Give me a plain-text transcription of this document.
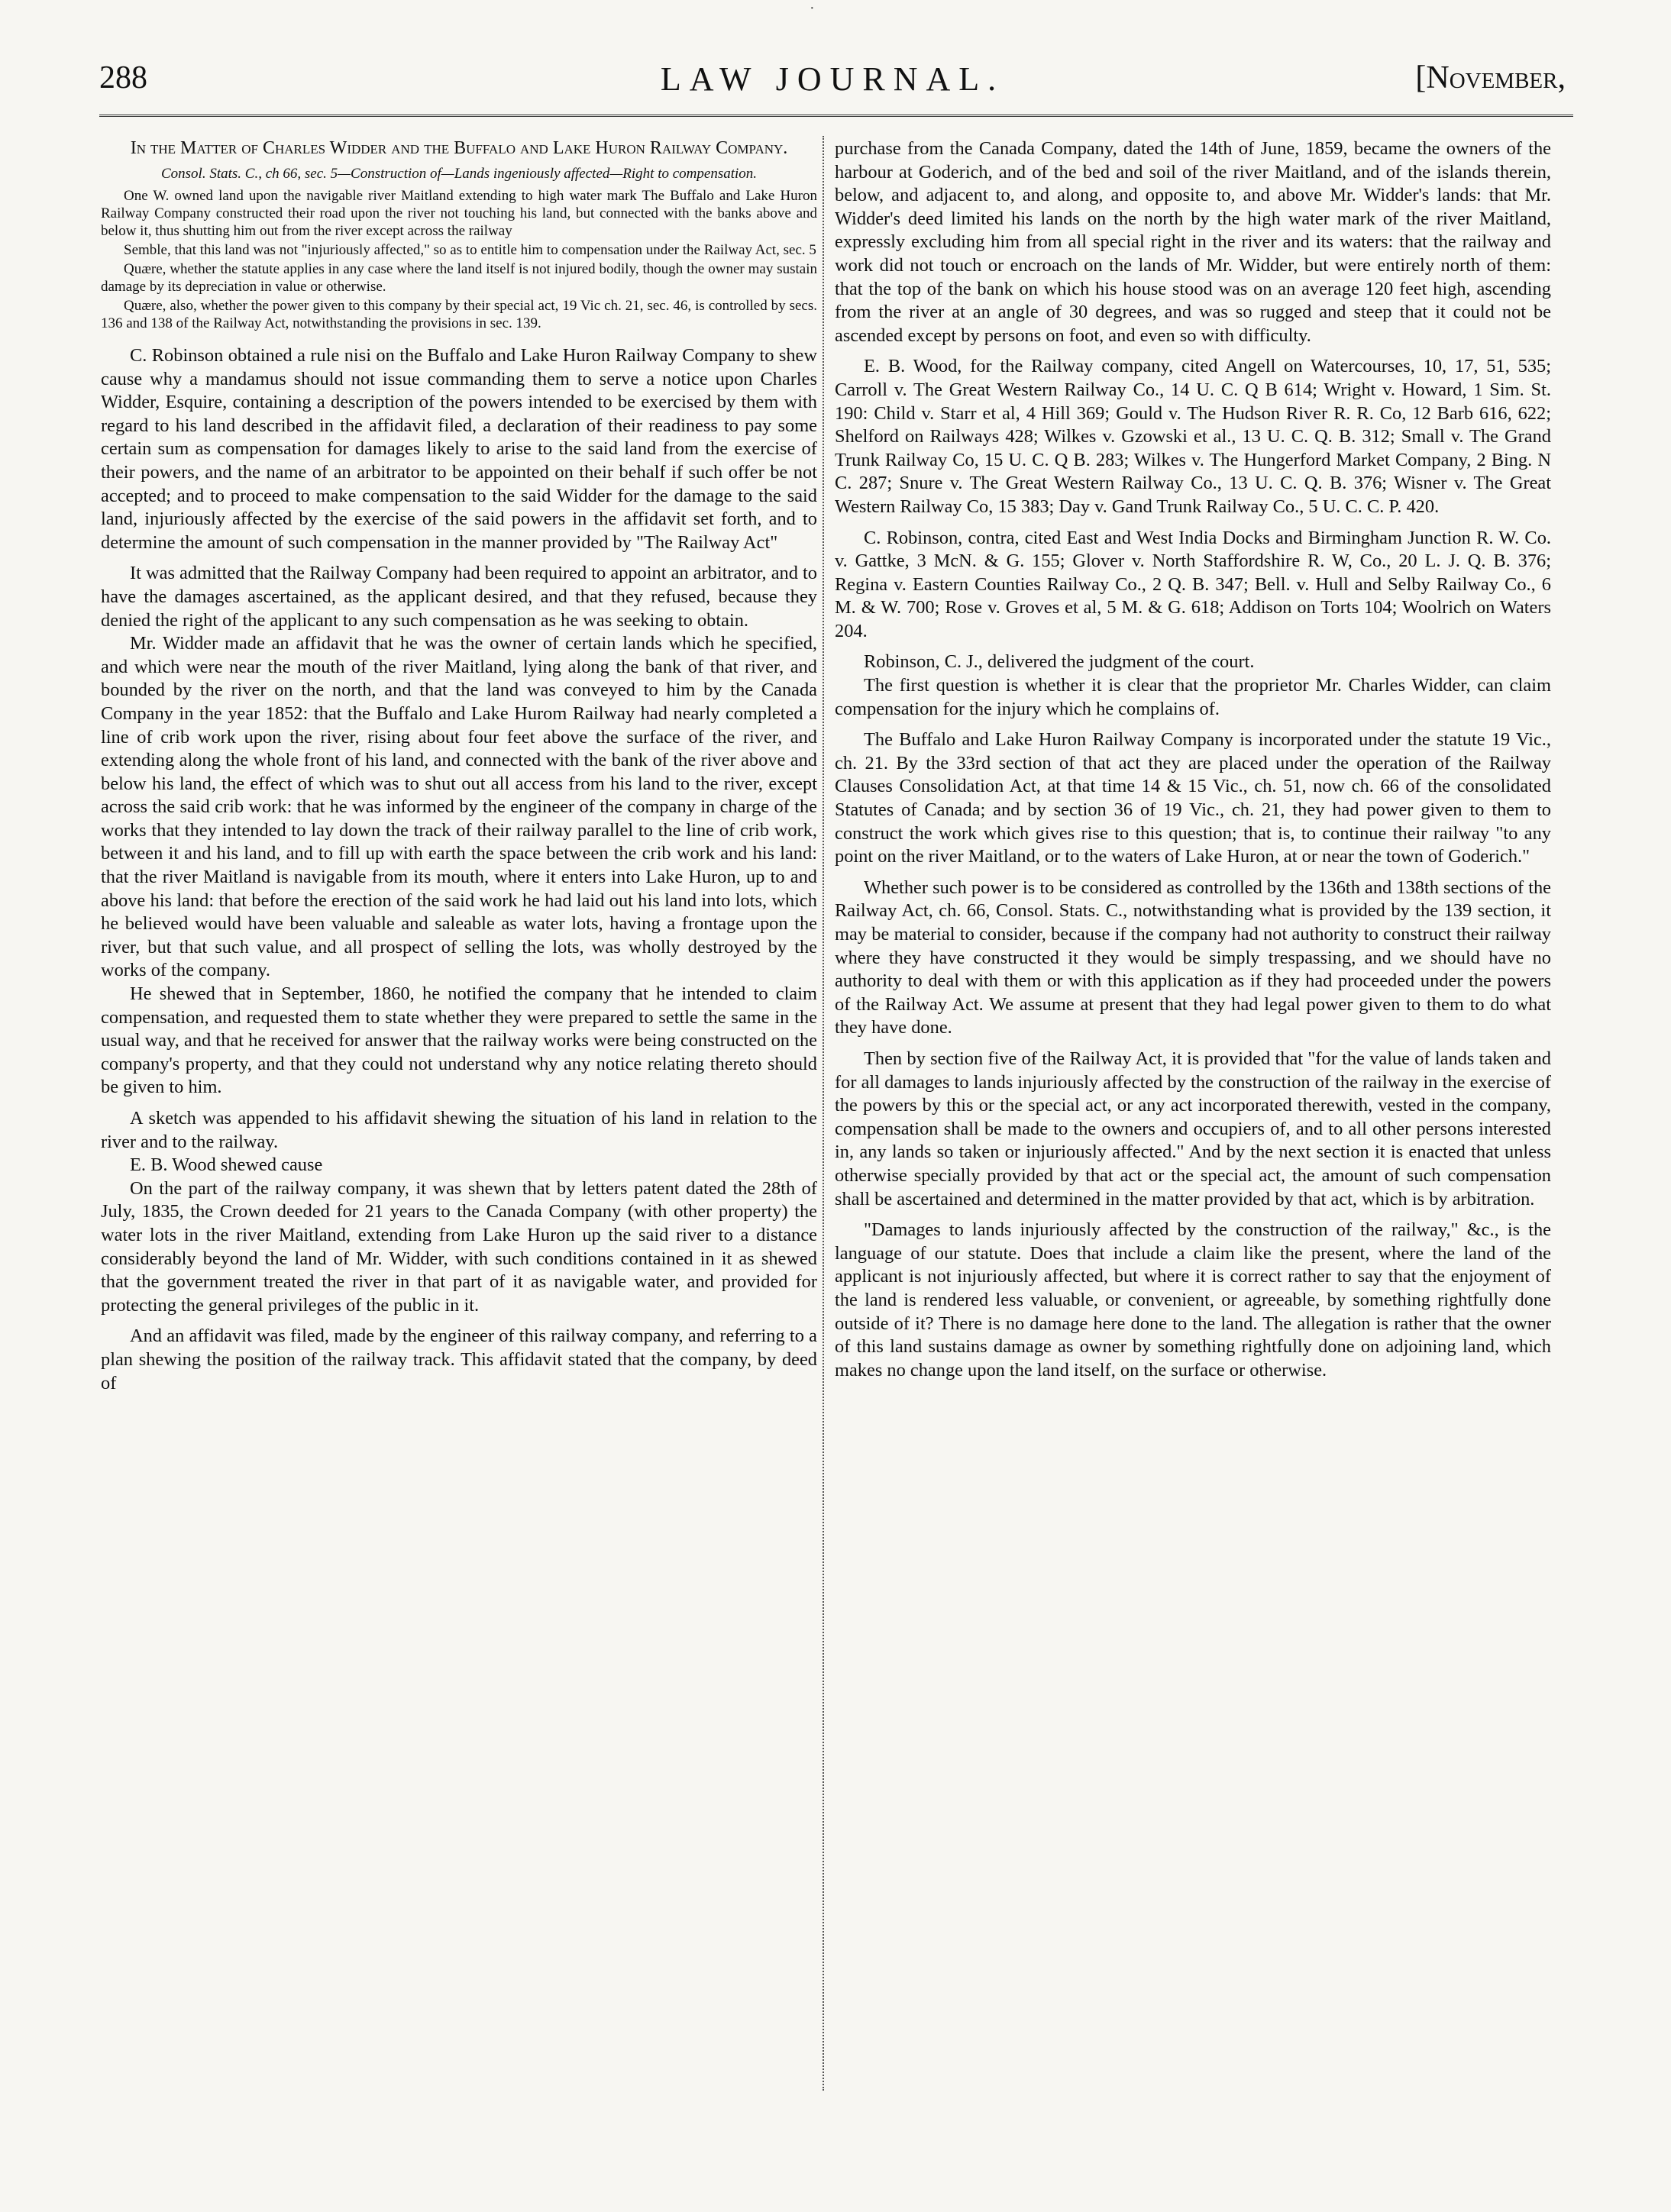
·
288	LAW JOURNAL.	[November,

In the Matter of Charles Widder and the Buffalo and Lake Huron Railway Company.

Consol. Stats. C., ch 66, sec. 5—Construction of—Lands ingeniously affected—Right to compensation.

One W. owned land upon the navigable river Maitland extending to high water mark The Buffalo and Lake Huron Railway Company constructed their road upon the river not touching his land, but connected with the banks above and below it, thus shutting him out from the river except across the railway

Semble, that this land was not "injuriously affected," so as to entitle him to compensation under the Railway Act, sec. 5

Quære, whether the statute applies in any case where the land itself is not injured bodily, though the owner may sustain damage by its depreciation in value or otherwise.

Quære, also, whether the power given to this company by their special act, 19 Vic ch. 21, sec. 46, is controlled by secs. 136 and 138 of the Railway Act, notwithstanding the provisions in sec. 139.

C. Robinson obtained a rule nisi on the Buffalo and Lake Huron Railway Company to shew cause why a mandamus should not issue commanding them to serve a notice upon Charles Widder, Esquire, containing a description of the powers intended to be exercised by them with regard to his land described in the affidavit filed, a declaration of their readiness to pay some certain sum as compensation for damages likely to arise to the said land from the exercise of their powers, and the name of an arbitrator to be appointed on their behalf if such offer be not accepted; and to proceed to make compensation to the said Widder for the damage to the said land, injuriously affected by the exercise of the said powers in the affidavit set forth, and to determine the amount of such compensation in the manner provided by "The Railway Act"

It was admitted that the Railway Company had been required to appoint an arbitrator, and to have the damages ascertained, as the applicant desired, and that they refused, because they denied the right of the applicant to any such compensation as he was seeking to obtain.

Mr. Widder made an affidavit that he was the owner of certain lands which he specified, and which were near the mouth of the river Maitland, lying along the bank of that river, and bounded by the river on the north, and that the land was conveyed to him by the Canada Company in the year 1852: that the Buffalo and Lake Hurom Railway had nearly completed a line of crib work upon the river, rising about four feet above the surface of the river, and extending along the whole front of his land, and connected with the bank of the river above and below his land, the effect of which was to shut out all access from his land to the river, except across the said crib work: that he was informed by the engineer of the company in charge of the works that they intended to lay down the track of their railway parallel to the line of crib work, between it and his land, and to fill up with earth the space between the crib work and his land: that the river Maitland is navigable from its mouth, where it enters into Lake Huron, up to and above his land: that before the erection of the said work he had laid out his land into lots, which he believed would have been valuable and saleable as water lots, having a frontage upon the river, but that such value, and all prospect of selling the lots, was wholly destroyed by the works of the company.

He shewed that in September, 1860, he notified the company that he intended to claim compensation, and requested them to state whether they were prepared to settle the same in the usual way, and that he received for answer that the railway works were being constructed on the company's property, and that they could not understand why any notice relating thereto should be given to him.

A sketch was appended to his affidavit shewing the situation of his land in relation to the river and to the railway.

E. B. Wood shewed cause

On the part of the railway company, it was shewn that by letters patent dated the 28th of July, 1835, the Crown deeded for 21 years to the Canada Company (with other property) the water lots in the river Maitland, extending from Lake Huron up the said river to a distance considerably beyond the land of Mr. Widder, with such conditions contained in it as shewed that the government treated the river in that part of it as navigable water, and provided for protecting the general privileges of the public in it.

And an affidavit was filed, made by the engineer of this railway company, and referring to a plan shewing the position of the railway track. This affidavit stated that the company, by deed of

purchase from the Canada Company, dated the 14th of June, 1859, became the owners of the harbour at Goderich, and of the bed and soil of the river Maitland, and of the islands therein, below, and adjacent to, and along, and opposite to, and above Mr. Widder's lands: that Mr. Widder's deed limited his lands on the north by the high water mark of the river Maitland, expressly excluding him from all special right in the river and its waters: that the railway and work did not touch or encroach on the lands of Mr. Widder, but were entirely north of them: that the top of the bank on which his house stood was on an average 120 feet high, ascending from the river at an angle of 30 degrees, and was so rugged and steep that it could not be ascended except by persons on foot, and even so with difficulty.

E. B. Wood, for the Railway company, cited Angell on Watercourses, 10, 17, 51, 535; Carroll v. The Great Western Railway Co., 14 U. C. Q B 614; Wright v. Howard, 1 Sim. St. 190: Child v. Starr et al, 4 Hill 369; Gould v. The Hudson River R. R. Co, 12 Barb 616, 622; Shelford on Railways 428; Wilkes v. Gzowski et al., 13 U. C. Q. B. 312; Small v. The Grand Trunk Railway Co, 15 U. C. Q B. 283; Wilkes v. The Hungerford Market Company, 2 Bing. N C. 287; Snure v. The Great Western Railway Co., 13 U. C. Q. B. 376; Wisner v. The Great Western Railway Co, 15 383; Day v. Gand Trunk Railway Co., 5 U. C. C. P. 420.

C. Robinson, contra, cited East and West India Docks and Birmingham Junction R. W. Co. v. Gattke, 3 McN. & G. 155; Glover v. North Staffordshire R. W, Co., 20 L. J. Q. B. 376; Regina v. Eastern Counties Railway Co., 2 Q. B. 347; Bell. v. Hull and Selby Railway Co., 6 M. & W. 700; Rose v. Groves et al, 5 M. & G. 618; Addison on Torts 104; Woolrich on Waters 204.

Robinson, C. J., delivered the judgment of the court.

The first question is whether it is clear that the proprietor Mr. Charles Widder, can claim compensation for the injury which he complains of.

The Buffalo and Lake Huron Railway Company is incorporated under the statute 19 Vic., ch. 21. By the 33rd section of that act they are placed under the operation of the Railway Clauses Consolidation Act, at that time 14 & 15 Vic., ch. 51, now ch. 66 of the consolidated Statutes of Canada; and by section 36 of 19 Vic., ch. 21, they had power given to them to construct the work which gives rise to this question; that is, to continue their railway "to any point on the river Maitland, or to the waters of Lake Huron, at or near the town of Goderich."

Whether such power is to be considered as controlled by the 136th and 138th sections of the Railway Act, ch. 66, Consol. Stats. C., notwithstanding what is provided by the 139 section, it may be material to consider, because if the company had not authority to construct their railway where they have constructed it they would be simply trespassing, and we should have no authority to deal with them or with this application as if they had proceeded under the powers of the Railway Act. We assume at present that they had legal power given to them to do what they have done.

Then by section five of the Railway Act, it is provided that "for the value of lands taken and for all damages to lands injuriously affected by the construction of the railway in the exercise of the powers by this or the special act, or any act incorporated therewith, vested in the company, compensation shall be made to the owners and occupiers of, and to all other persons interested in, any lands so taken or injuriously affected." And by the next section it is enacted that unless otherwise specially provided by that act or the special act, the amount of such compensation shall be ascertained and determined in the matter provided by that act, which is by arbitration.

"Damages to lands injuriously affected by the construction of the railway," &c., is the language of our statute. Does that include a claim like the present, where the land of the applicant is not injuriously affected, but where it is correct rather to say that the enjoyment of the land is rendered less valuable, or convenient, or agreeable, by something rightfully done outside of it? There is no damage here done to the land. The allegation is rather that the owner of this land sustains damage as owner by something rightfully done on adjoining land, which makes no change upon the land itself, on the surface or otherwise.
